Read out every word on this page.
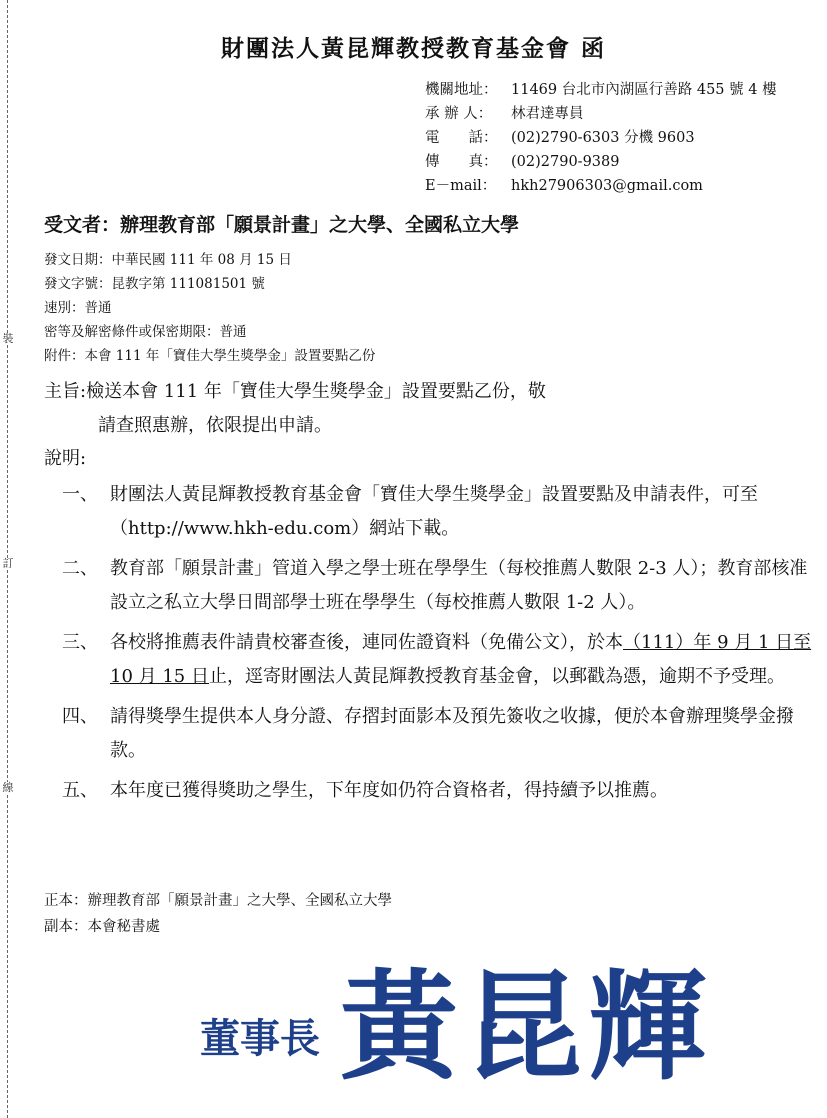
裝
訂
線
財團法人黃昆輝教授教育基金會 函
機關地址： 11469 台北市內湖區行善路 455 號 4 樓
承 辦 人： 林君達專員
電　　話： (02)2790-6303 分機 9603
傳　　真： (02)2790-9389
E－mail： hkh27906303@gmail.com
受文者：辦理教育部「願景計畫」之大學、全國私立大學
發文日期：中華民國 111 年 08 月 15 日
發文字號：昆教字第 111081501 號
速別：普通
密等及解密條件或保密期限：普通
附件：本會 111 年「寶佳大學生獎學金」設置要點乙份
主旨:檢送本會 111 年「寶佳大學生獎學金」設置要點乙份，敬
請查照惠辦，依限提出申請。
說明:
一、 財團法人黃昆輝教授教育基金會「寶佳大學生獎學金」設置要點及申請表件，可至（http://www.hkh-edu.com）網站下載。
二、 教育部「願景計畫」管道入學之學士班在學學生（每校推薦人數限 2-3 人）；教育部核准設立之私立大學日間部學士班在學學生（每校推薦人數限 1-2 人）。
三、 各校將推薦表件請貴校審查後，連同佐證資料（免備公文），於本（111）年 9 月 1 日至 10 月 15 日止，逕寄財團法人黃昆輝教授教育基金會，以郵戳為憑，逾期不予受理。
四、 請得獎學生提供本人身分證、存摺封面影本及預先簽收之收據，便於本會辦理獎學金撥款。
五、 本年度已獲得獎助之學生，下年度如仍符合資格者，得持續予以推薦。
正本：辦理教育部「願景計畫」之大學、全國私立大學
副本：本會秘書處
董事長 黃昆輝
